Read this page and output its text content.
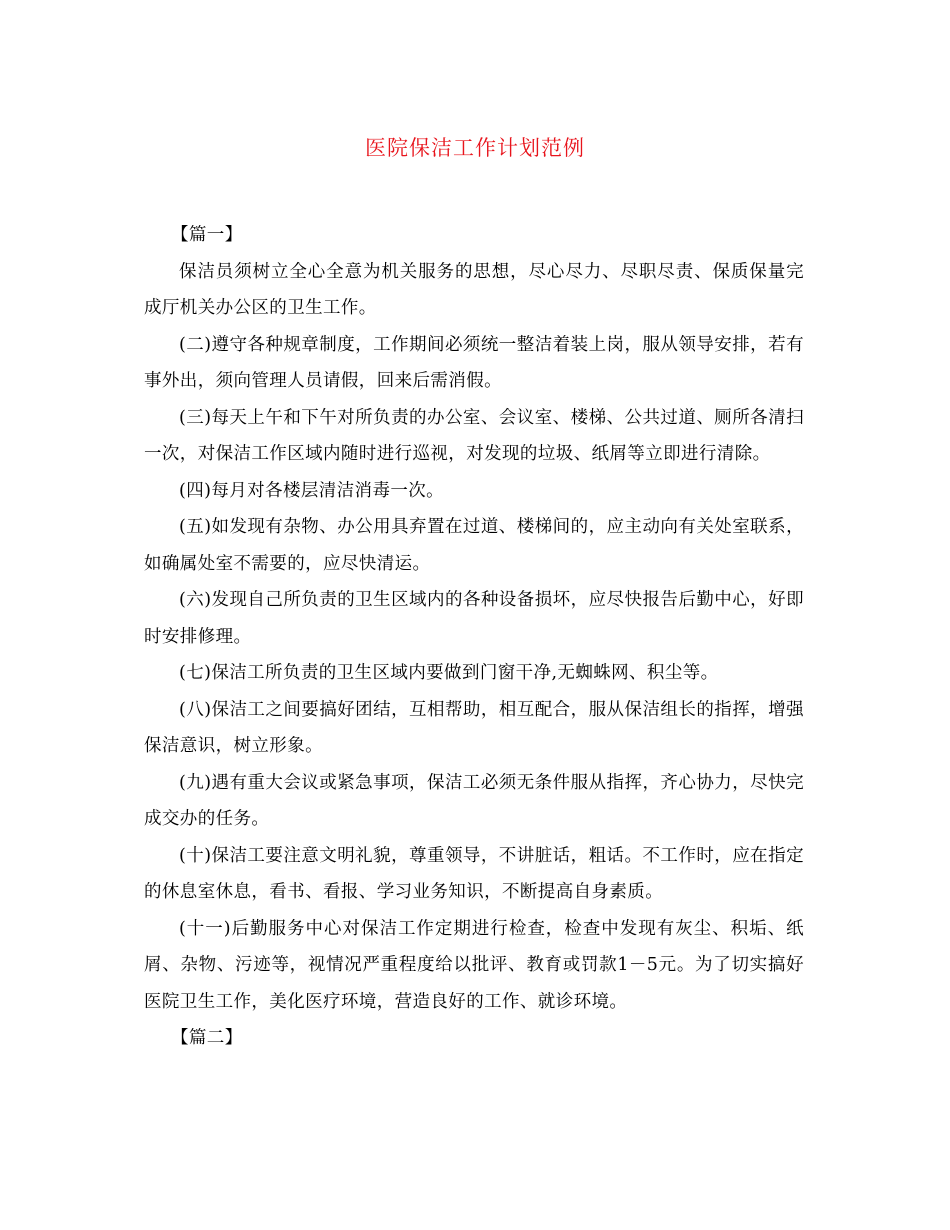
医院保洁工作计划范例

【篇一】

保洁员须树立全心全意为机关服务的思想，尽心尽力、尽职尽责、保质保量完成厅机关办公区的卫生工作。

(二)遵守各种规章制度，工作期间必须统一整洁着装上岗，服从领导安排，若有事外出，须向管理人员请假，回来后需消假。

(三)每天上午和下午对所负责的办公室、会议室、楼梯、公共过道、厕所各清扫一次，对保洁工作区域内随时进行巡视，对发现的垃圾、纸屑等立即进行清除。

(四)每月对各楼层清洁消毒一次。

(五)如发现有杂物、办公用具弃置在过道、楼梯间的，应主动向有关处室联系，如确属处室不需要的，应尽快清运。

(六)发现自己所负责的卫生区域内的各种设备损坏，应尽快报告后勤中心，好即时安排修理。

(七)保洁工所负责的卫生区域内要做到门窗干净,无蜘蛛网、积尘等。

(八)保洁工之间要搞好团结，互相帮助，相互配合，服从保洁组长的指挥，增强保洁意识，树立形象。

(九)遇有重大会议或紧急事项，保洁工必须无条件服从指挥，齐心协力，尽快完成交办的任务。

(十)保洁工要注意文明礼貌，尊重领导，不讲脏话，粗话。不工作时，应在指定的休息室休息，看书、看报、学习业务知识，不断提高自身素质。

(十一)后勤服务中心对保洁工作定期进行检查，检查中发现有灰尘、积垢、纸屑、杂物、污迹等，视情况严重程度给以批评、教育或罚款1－5元。为了切实搞好医院卫生工作，美化医疗环境，营造良好的工作、就诊环境。

【篇二】
